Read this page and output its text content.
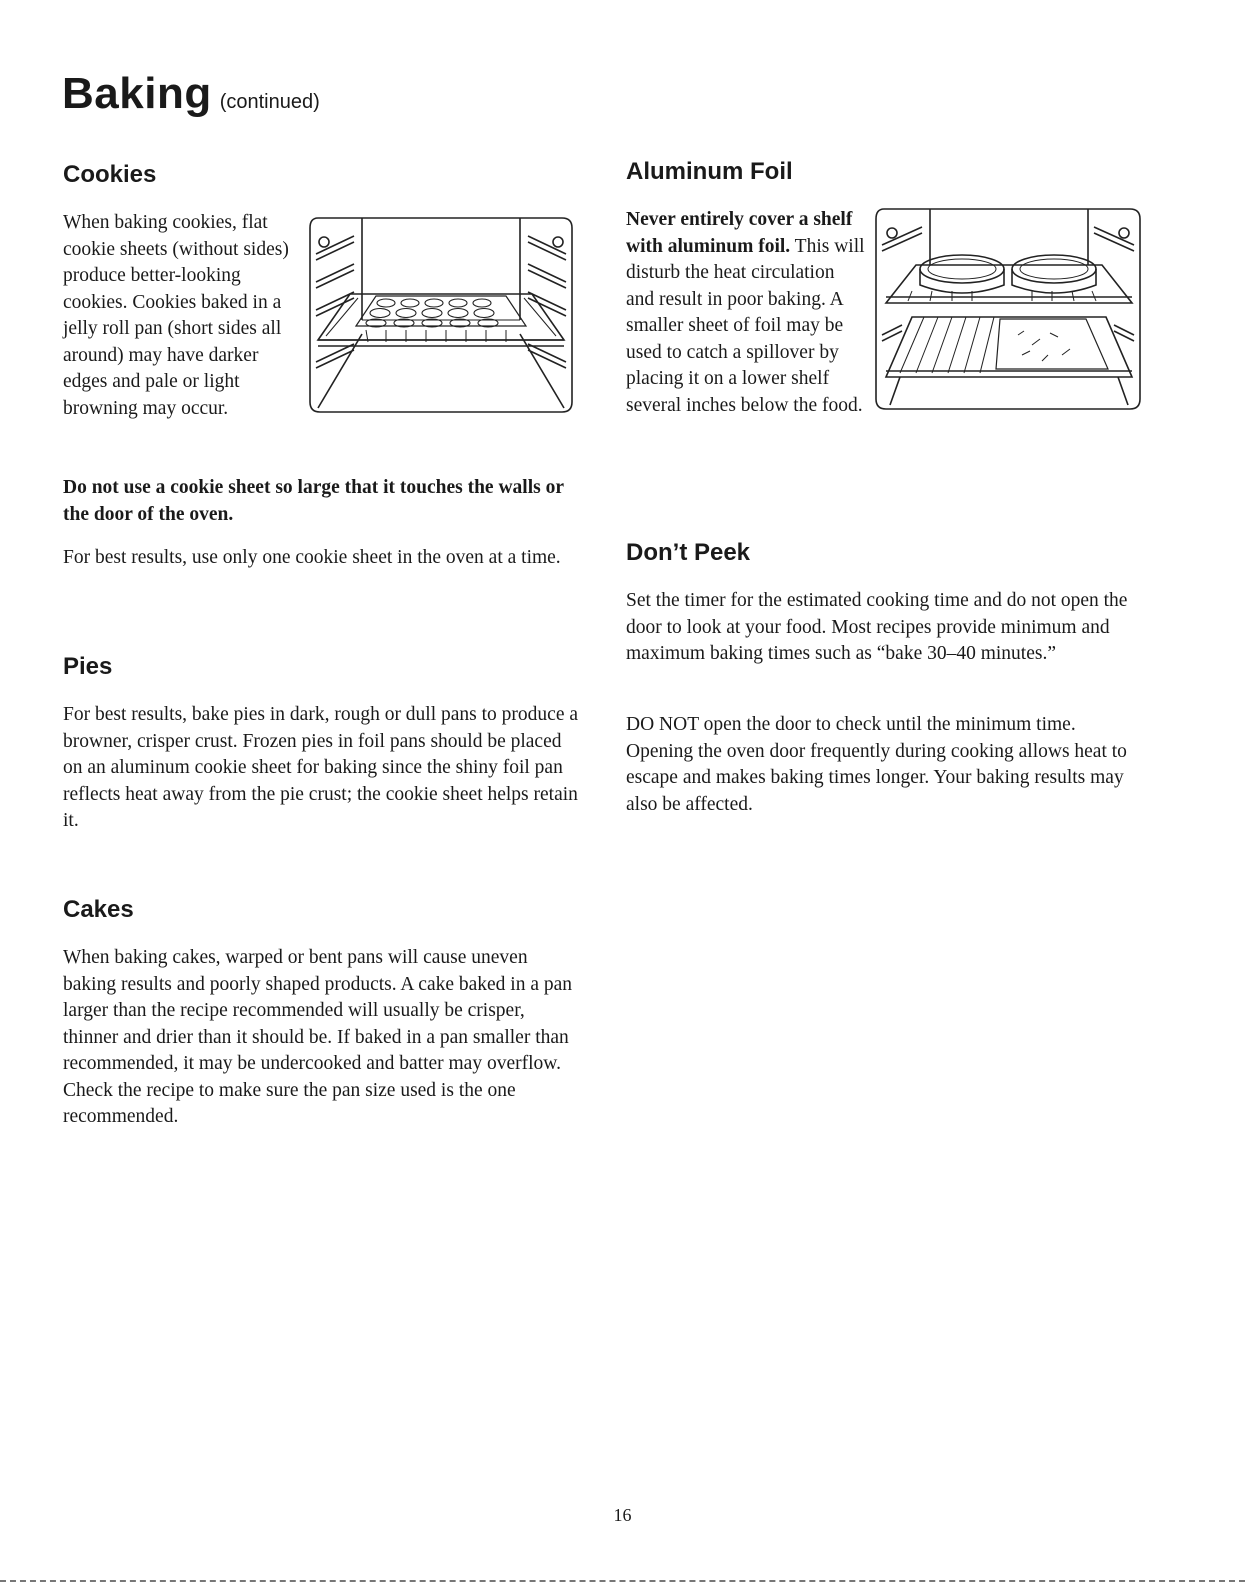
Baking (continued)
Cookies

When baking cookies, flat cookie sheets (without sides) produce better-looking cookies. Cookies baked in a jelly roll pan (short sides all around) may have darker edges and pale or light browning may occur.

Do not use a cookie sheet so large that it touches the walls or the door of the oven.

For best results, use only one cookie sheet in the oven at a time.

Pies

For best results, bake pies in dark, rough or dull pans to produce a browner, crisper crust. Frozen pies in foil pans should be placed on an aluminum cookie sheet for baking since the shiny foil pan reflects heat away from the pie crust; the cookie sheet helps retain it.

Cakes

When baking cakes, warped or bent pans will cause uneven baking results and poorly shaped products. A cake baked in a pan larger than the recipe recommended will usually be crisper, thinner and drier than it should be. If baked in a pan smaller than recommended, it may be undercooked and batter may overflow. Check the recipe to make sure the pan size used is the one recommended.

Aluminum Foil

Never entirely cover a shelf with aluminum foil. This will disturb the heat circulation and result in poor baking. A smaller sheet of foil may be used to catch a spillover by placing it on a lower shelf several inches below the food.

Don’t Peek

Set the timer for the estimated cooking time and do not open the door to look at your food. Most recipes provide minimum and maximum baking times such as “bake 30–40 minutes.”

DO NOT open the door to check until the minimum time. Opening the oven door frequently during cooking allows heat to escape and makes baking times longer. Your baking results may also be affected.

16
